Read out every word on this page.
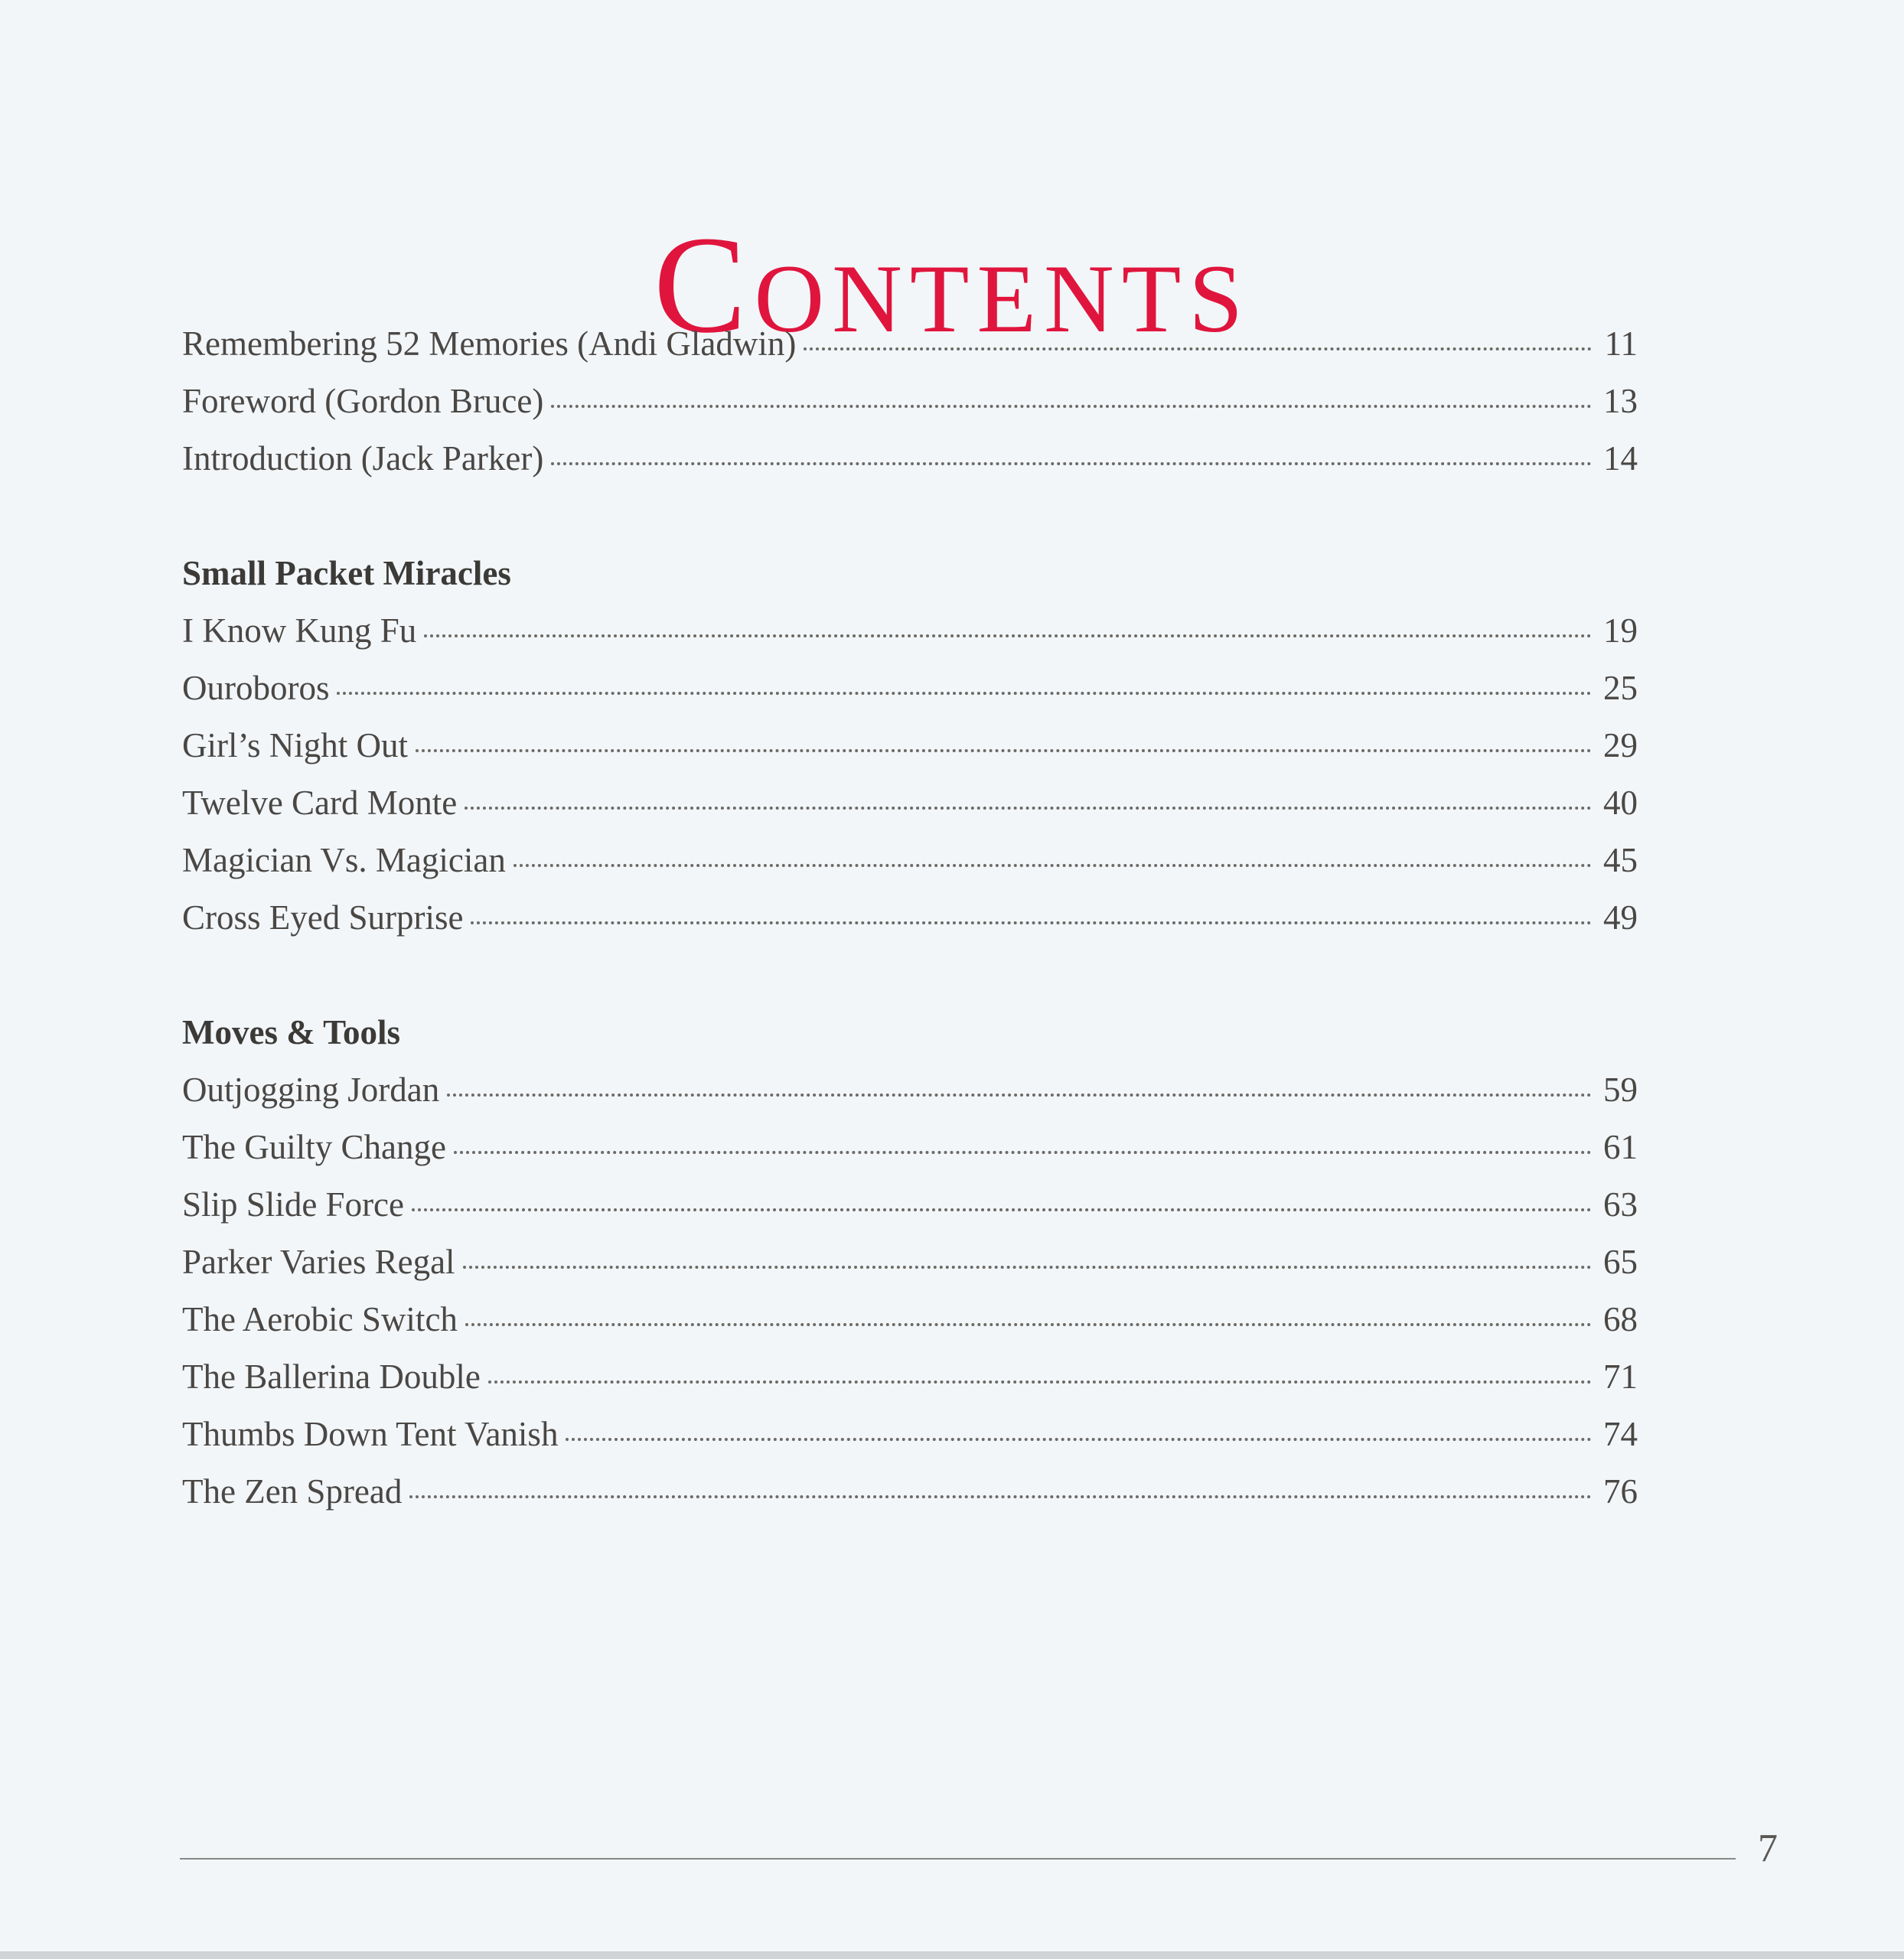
Contents
Remembering 52 Memories (Andi Gladwin)	11
Foreword (Gordon Bruce)	13
Introduction (Jack Parker)	14
Small Packet Miracles
I Know Kung Fu	19
Ouroboros	25
Girl’s Night Out	29
Twelve Card Monte	40
Magician Vs. Magician	45
Cross Eyed Surprise	49
Moves & Tools
Outjogging Jordan	59
The Guilty Change	61
Slip Slide Force	63
Parker Varies Regal	65
The Aerobic Switch	68
The Ballerina Double	71
Thumbs Down Tent Vanish	74
The Zen Spread	76
7
